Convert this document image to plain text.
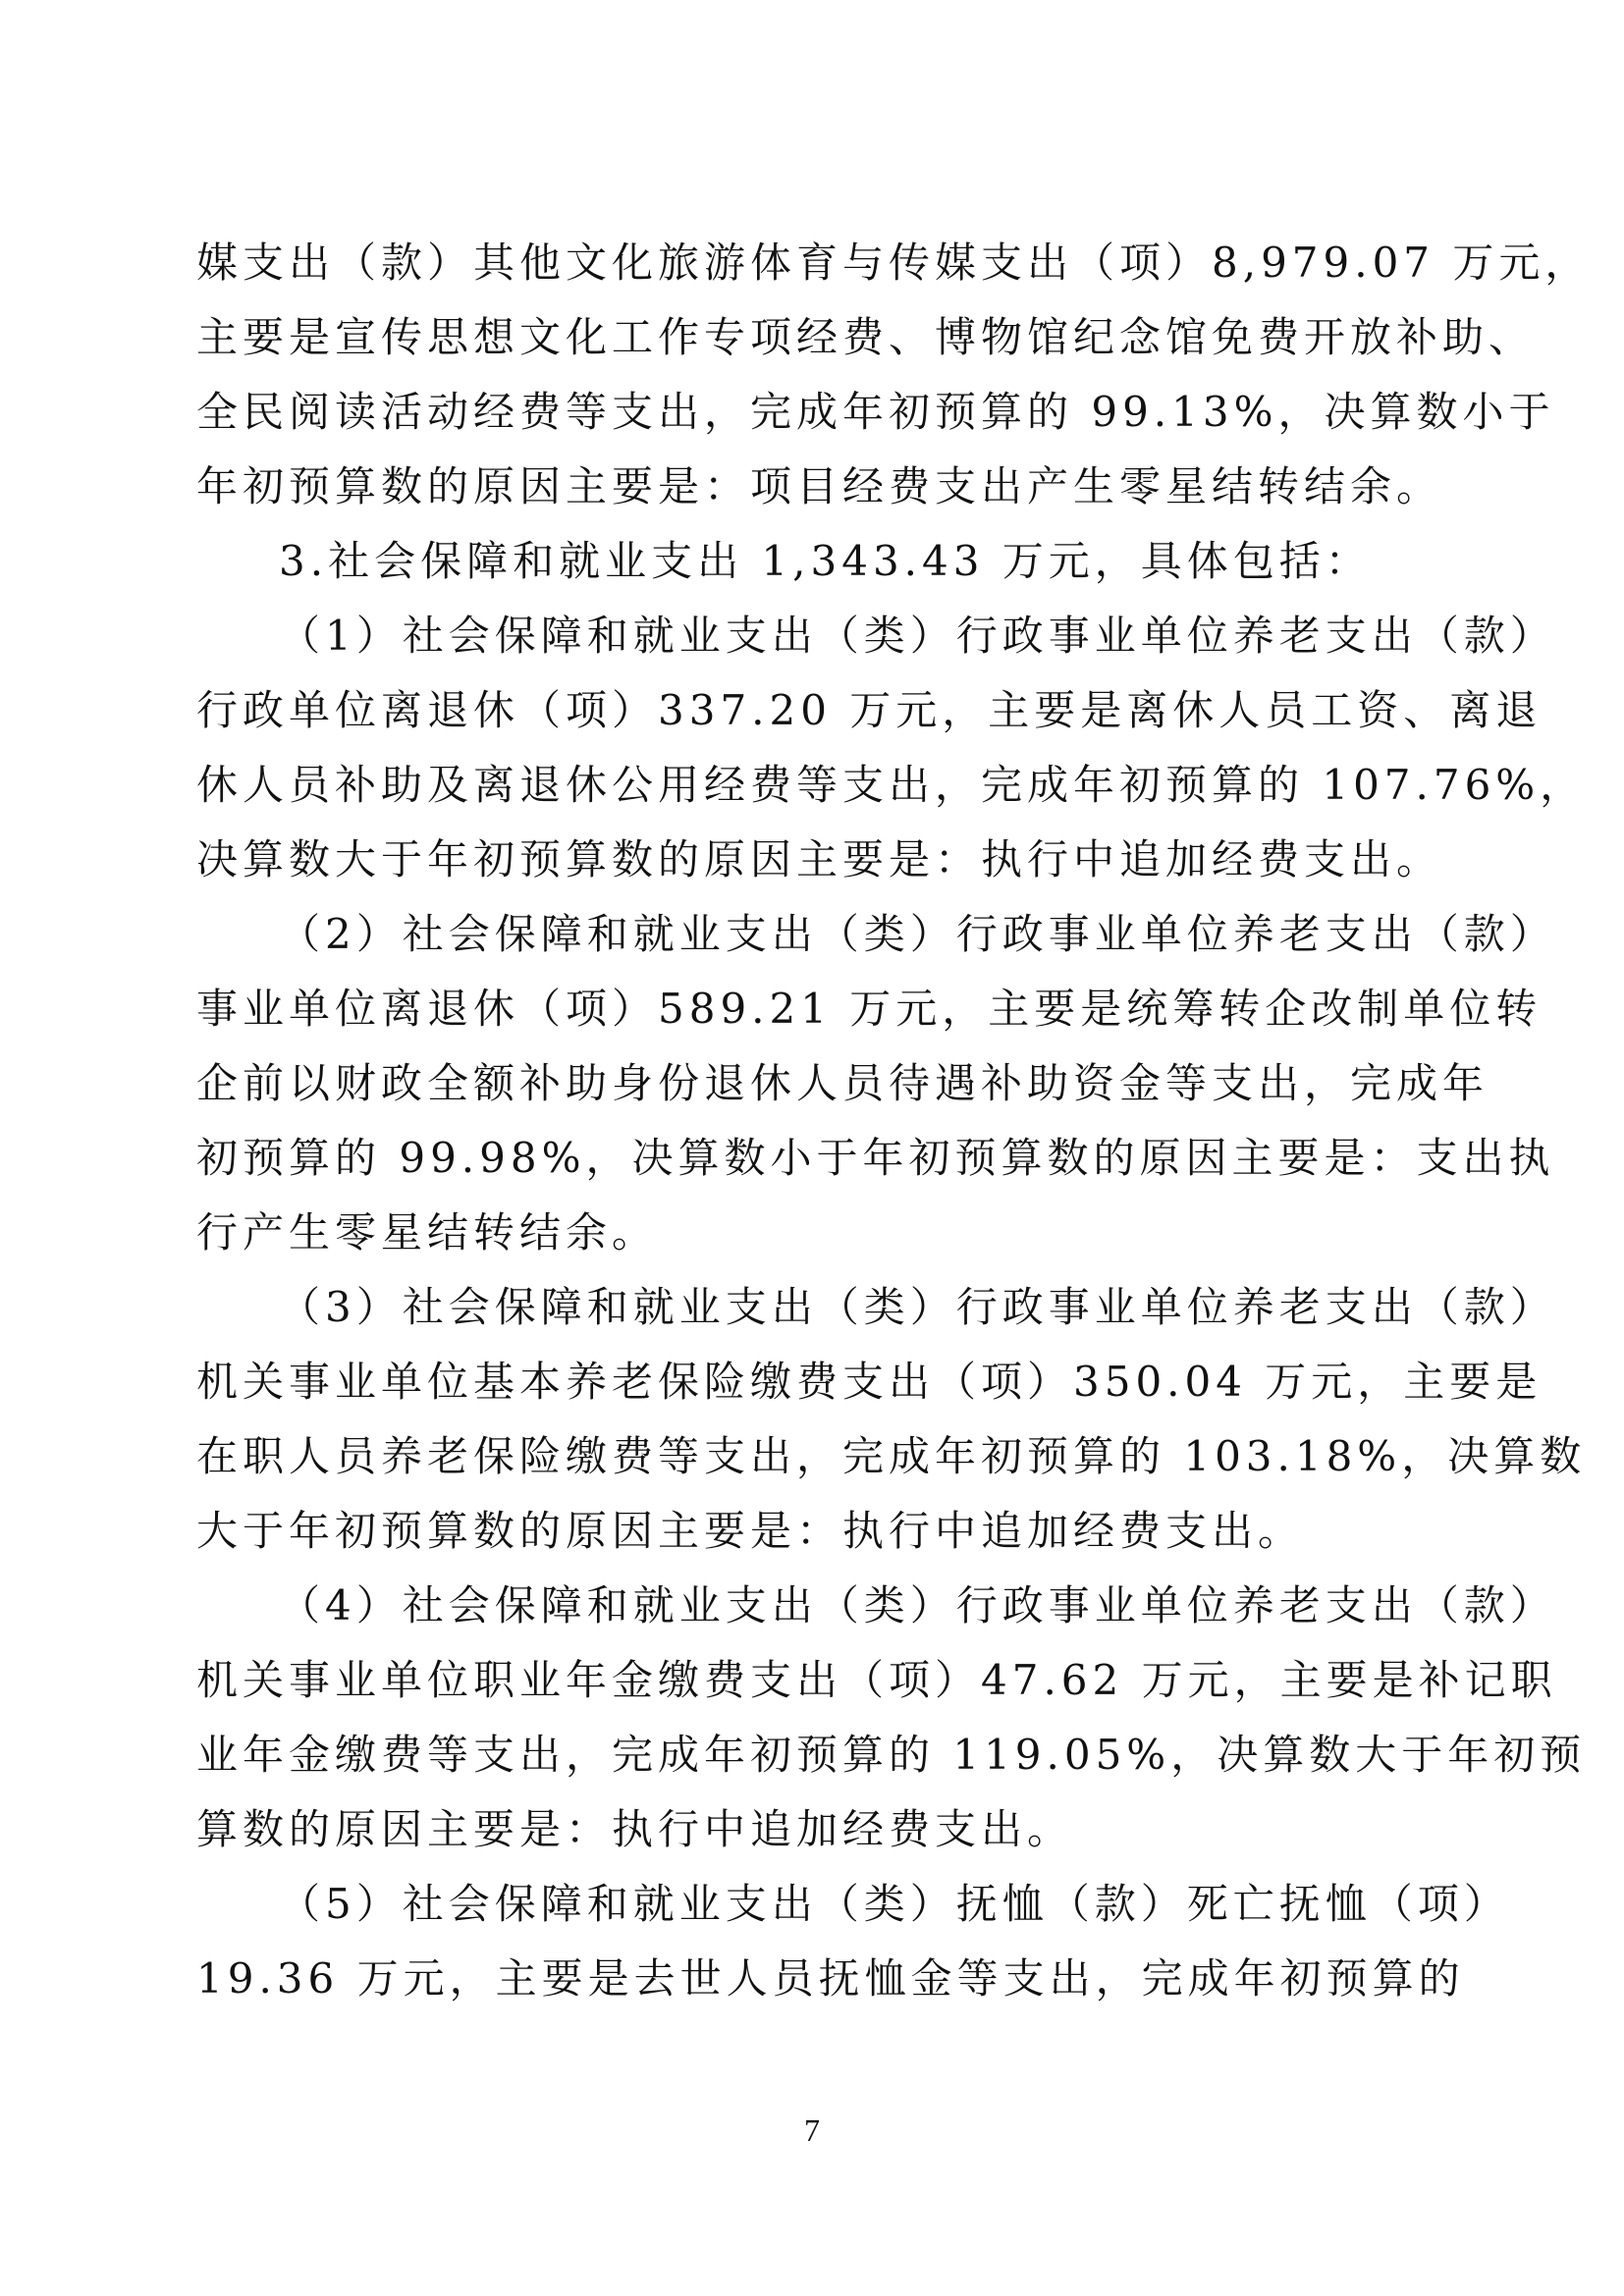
媒支出（款）其他文化旅游体育与传媒支出（项）8,979.07 万元，
主要是宣传思想文化工作专项经费、博物馆纪念馆免费开放补助、
全民阅读活动经费等支出，完成年初预算的 99.13%，决算数小于
年初预算数的原因主要是：项目经费支出产生零星结转结余。
3.社会保障和就业支出 1,343.43 万元，具体包括：
（1）社会保障和就业支出（类）行政事业单位养老支出（款）
行政单位离退休（项）337.20 万元，主要是离休人员工资、离退
休人员补助及离退休公用经费等支出，完成年初预算的 107.76%，
决算数大于年初预算数的原因主要是：执行中追加经费支出。
（2）社会保障和就业支出（类）行政事业单位养老支出（款）
事业单位离退休（项）589.21 万元，主要是统筹转企改制单位转
企前以财政全额补助身份退休人员待遇补助资金等支出，完成年
初预算的 99.98%，决算数小于年初预算数的原因主要是：支出执
行产生零星结转结余。
（3）社会保障和就业支出（类）行政事业单位养老支出（款）
机关事业单位基本养老保险缴费支出（项）350.04 万元，主要是
在职人员养老保险缴费等支出，完成年初预算的 103.18%，决算数
大于年初预算数的原因主要是：执行中追加经费支出。
（4）社会保障和就业支出（类）行政事业单位养老支出（款）
机关事业单位职业年金缴费支出（项）47.62 万元，主要是补记职
业年金缴费等支出，完成年初预算的 119.05%，决算数大于年初预
算数的原因主要是：执行中追加经费支出。
（5）社会保障和就业支出（类）抚恤（款）死亡抚恤（项）
19.36 万元，主要是去世人员抚恤金等支出，完成年初预算的
7
